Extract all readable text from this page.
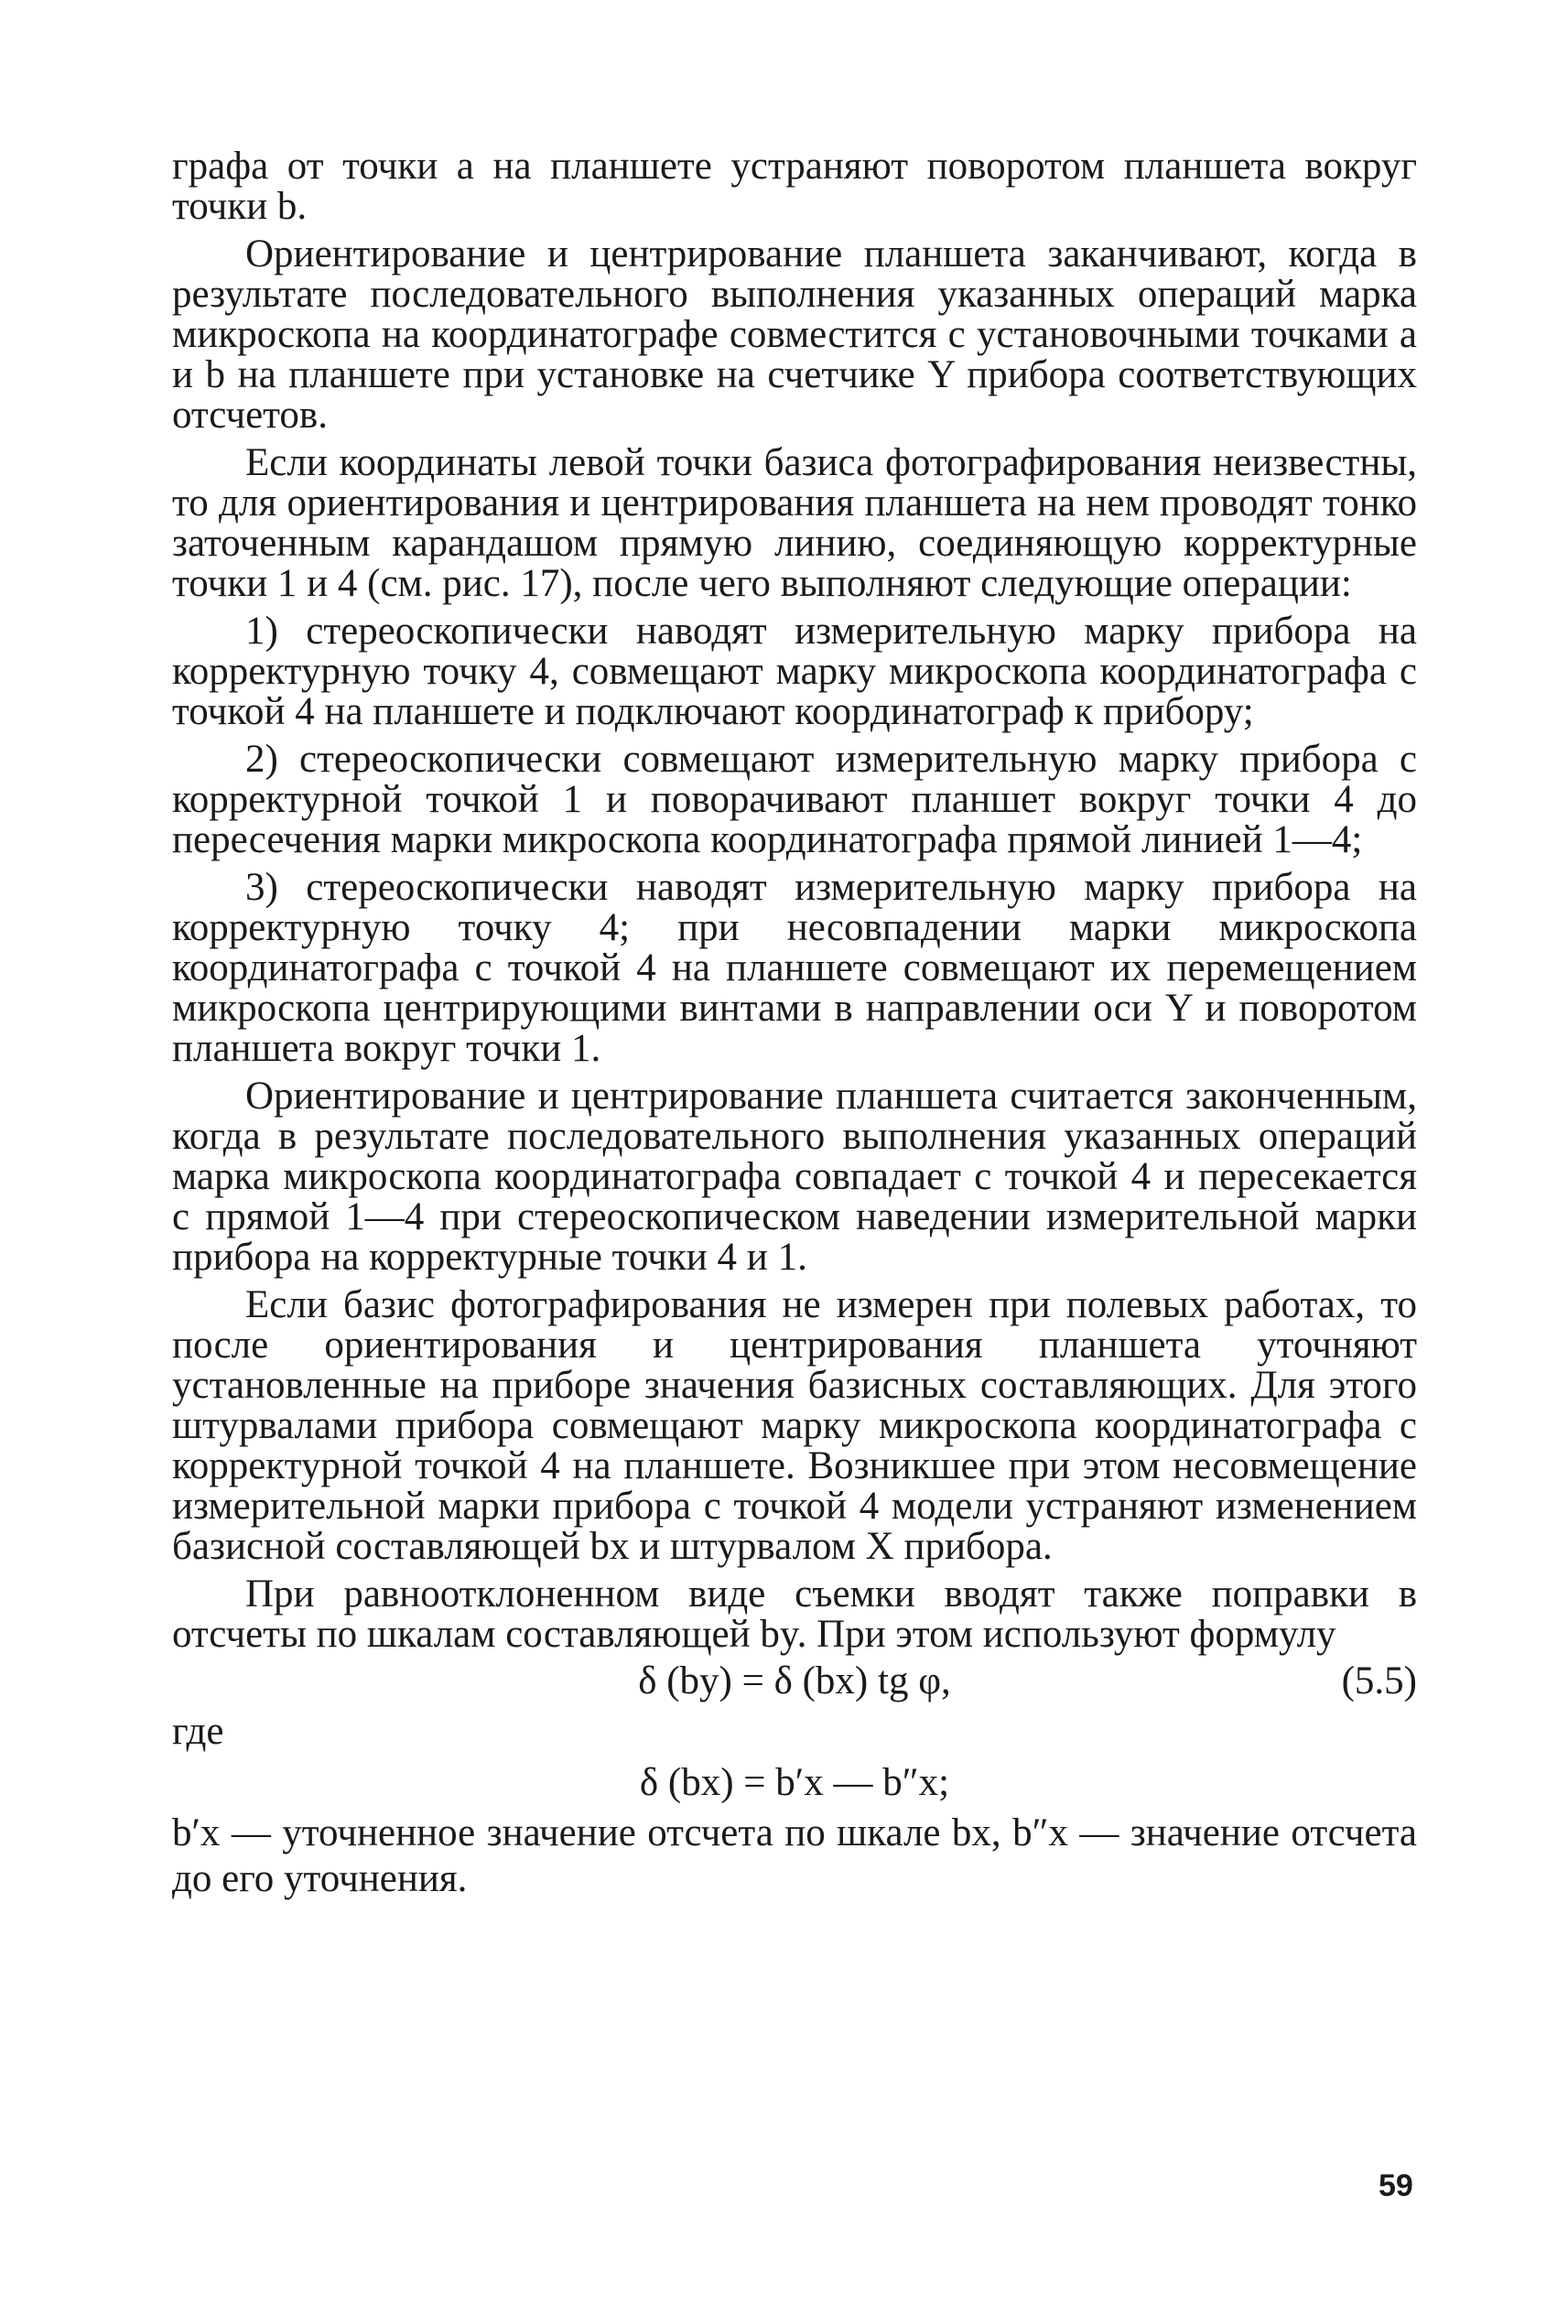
графа от точки a на планшете устраняют поворотом планшета вокруг точки b.

Ориентирование и центрирование планшета заканчивают, когда в результате последовательного выполнения указанных операций марка микроскопа на координатографе совместится с установочными точками a и b на планшете при установке на счетчике Y прибора соответствующих отсчетов.

Если координаты левой точки базиса фотографирования неизвестны, то для ориентирования и центрирования планшета на нем проводят тонко заточенным карандашом прямую линию, соединяющую корректурные точки 1 и 4 (см. рис. 17), после чего выполняют следующие операции:

1) стереоскопически наводят измерительную марку прибора на корректурную точку 4, совмещают марку микроскопа координатографа с точкой 4 на планшете и подключают координатограф к прибору;

2) стереоскопически совмещают измерительную марку прибора с корректурной точкой 1 и поворачивают планшет вокруг точки 4 до пересечения марки микроскопа координатографа прямой линией 1—4;

3) стереоскопически наводят измерительную марку прибора на корректурную точку 4; при несовпадении марки микроскопа координатографа с точкой 4 на планшете совмещают их перемещением микроскопа центрирующими винтами в направлении оси Y и поворотом планшета вокруг точки 1.

Ориентирование и центрирование планшета считается законченным, когда в результате последовательного выполнения указанных операций марка микроскопа координатографа совпадает с точкой 4 и пересекается с прямой 1—4 при стереоскопическом наведении измерительной марки прибора на корректурные точки 4 и 1.

Если базис фотографирования не измерен при полевых работах, то после ориентирования и центрирования планшета уточняют установленные на приборе значения базисных составляющих. Для этого штурвалами прибора совмещают марку микроскопа координатографа с корректурной точкой 4 на планшете. Возникшее при этом несовмещение измерительной марки прибора с точкой 4 модели устраняют изменением базисной составляющей bx и штурвалом X прибора.

При равноотклоненном виде съемки вводят также поправки в отсчеты по шкалам составляющей by. При этом используют формулу

δ (by) = δ (bx) tg φ,	(5.5)

где

δ (bx) = b′x — b″x;

b′x — уточненное значение отсчета по шкале bx, b″x — значение отсчета до его уточнения.

59
